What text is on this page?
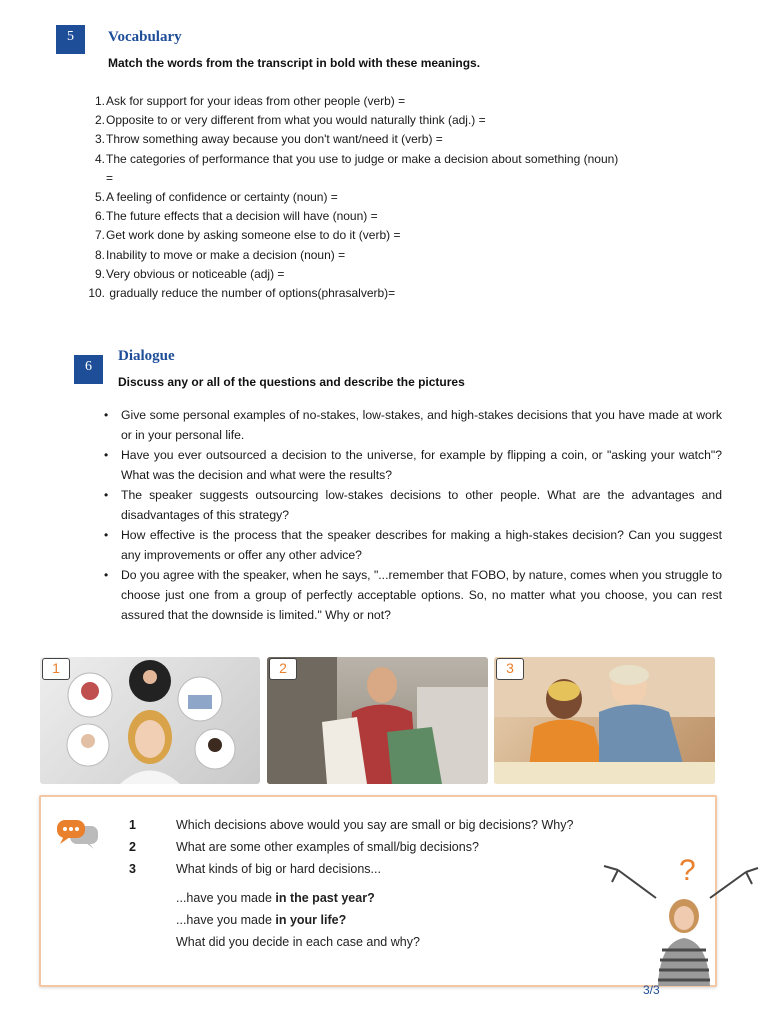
5	Vocabulary
Match the words from the transcript in bold with these meanings.
1. Ask for support for your ideas from other people (verb) =
2. Opposite to or very different from what you would naturally think (adj.) =
3. Throw something away because you don't want/need it (verb) =
4. The categories of performance that you use to judge or make a decision about something (noun) =
5. A feeling of confidence or certainty (noun) =
6. The future effects that a decision will have (noun) =
7. Get work done by asking someone else to do it (verb) =
8. Inability to move or make a decision (noun) =
9. Very obvious or noticeable (adj) =
10. gradually reduce the number of options(phrasalverb)=
6
Dialogue
Discuss any or all of the questions and describe the pictures
• Give some personal examples of no-stakes, low-stakes, and high-stakes decisions that you have made at work or in your personal life.
• Have you ever outsourced a decision to the universe, for example by flipping a coin, or "asking your watch"? What was the decision and what were the results?
• The speaker suggests outsourcing low-stakes decisions to other people. What are the advantages and disadvantages of this strategy?
• How effective is the process that the speaker describes for making a high-stakes decision? Can you suggest any improvements or offer any other advice?
• Do you agree with the speaker, when he says, "...remember that FOBO, by nature, comes when you struggle to choose just one from a group of perfectly acceptable options. So, no matter what you choose, you can rest assured that the downside is limited." Why or not?
1	2	3
1	Which decisions above would you say are small or big decisions? Why?
2	What are some other examples of small/big decisions?
3	What kinds of big or hard decisions...
...have you made in the past year?
...have you made in your life?
What did you decide in each case and why?
?
3/3
